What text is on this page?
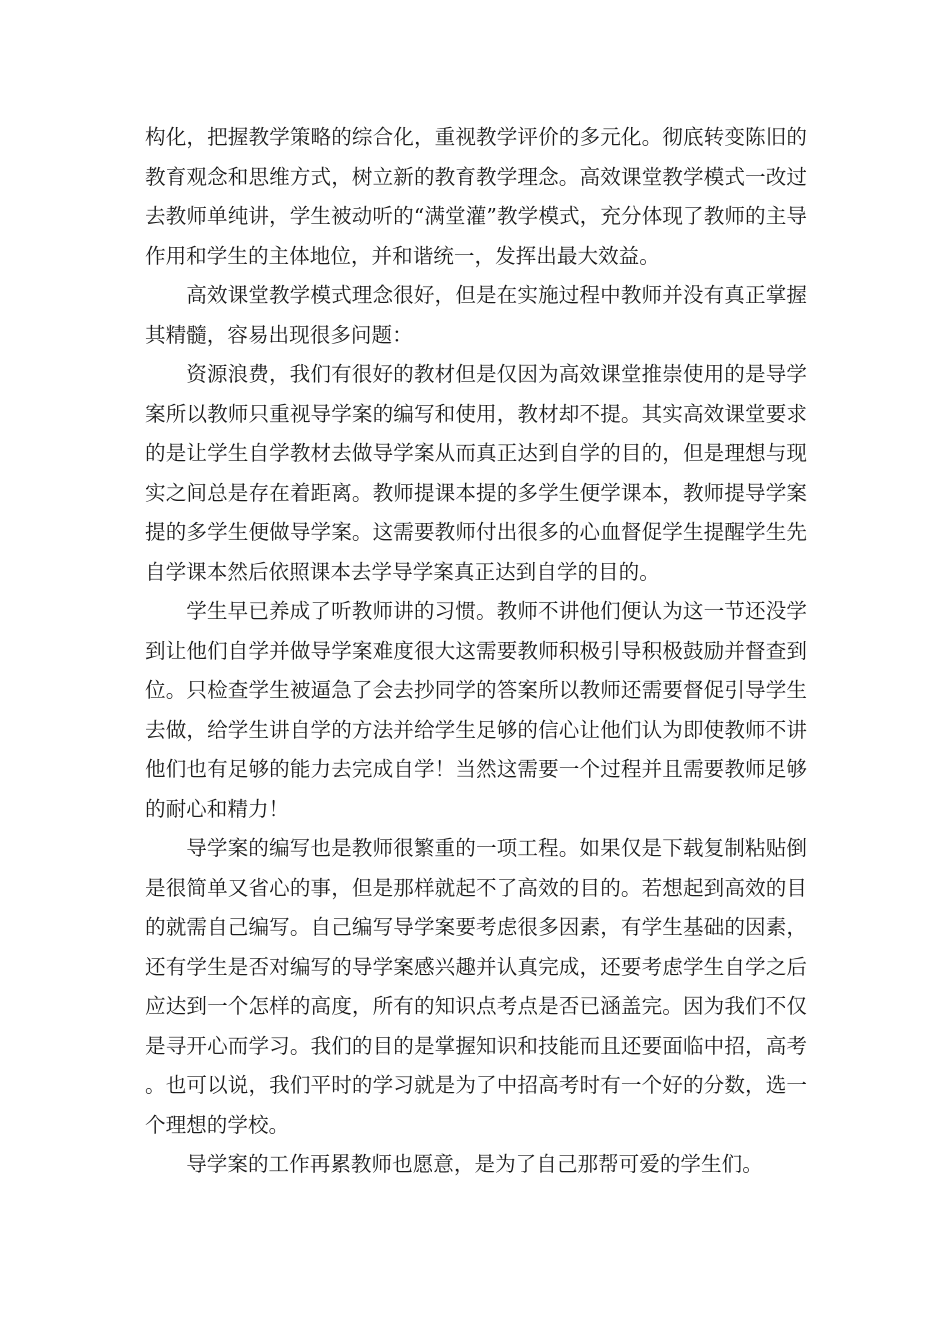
构化，把握教学策略的综合化，重视教学评价的多元化。彻底转变陈旧的教育观念和思维方式，树立新的教育教学理念。高效课堂教学模式一改过去教师单纯讲，学生被动听的“满堂灌”教学模式，充分体现了教师的主导作用和学生的主体地位，并和谐统一，发挥出最大效益。

高效课堂教学模式理念很好，但是在实施过程中教师并没有真正掌握其精髓，容易出现很多问题：

资源浪费，我们有很好的教材但是仅因为高效课堂推崇使用的是导学案所以教师只重视导学案的编写和使用，教材却不提。其实高效课堂要求的是让学生自学教材去做导学案从而真正达到自学的目的，但是理想与现实之间总是存在着距离。教师提课本提的多学生便学课本，教师提导学案提的多学生便做导学案。这需要教师付出很多的心血督促学生提醒学生先自学课本然后依照课本去学导学案真正达到自学的目的。

学生早已养成了听教师讲的习惯。教师不讲他们便认为这一节还没学到让他们自学并做导学案难度很大这需要教师积极引导积极鼓励并督查到位。只检查学生被逼急了会去抄同学的答案所以教师还需要督促引导学生去做，给学生讲自学的方法并给学生足够的信心让他们认为即使教师不讲他们也有足够的能力去完成自学！当然这需要一个过程并且需要教师足够的耐心和精力！

导学案的编写也是教师很繁重的一项工程。如果仅是下载复制粘贴倒是很简单又省心的事，但是那样就起不了高效的目的。若想起到高效的目的就需自己编写。自己编写导学案要考虑很多因素，有学生基础的因素，还有学生是否对编写的导学案感兴趣并认真完成，还要考虑学生自学之后应达到一个怎样的高度，所有的知识点考点是否已涵盖完。因为我们不仅是寻开心而学习。我们的目的是掌握知识和技能而且还要面临中招，高考。也可以说，我们平时的学习就是为了中招高考时有一个好的分数，选一个理想的学校。

导学案的工作再累教师也愿意，是为了自己那帮可爱的学生们。
